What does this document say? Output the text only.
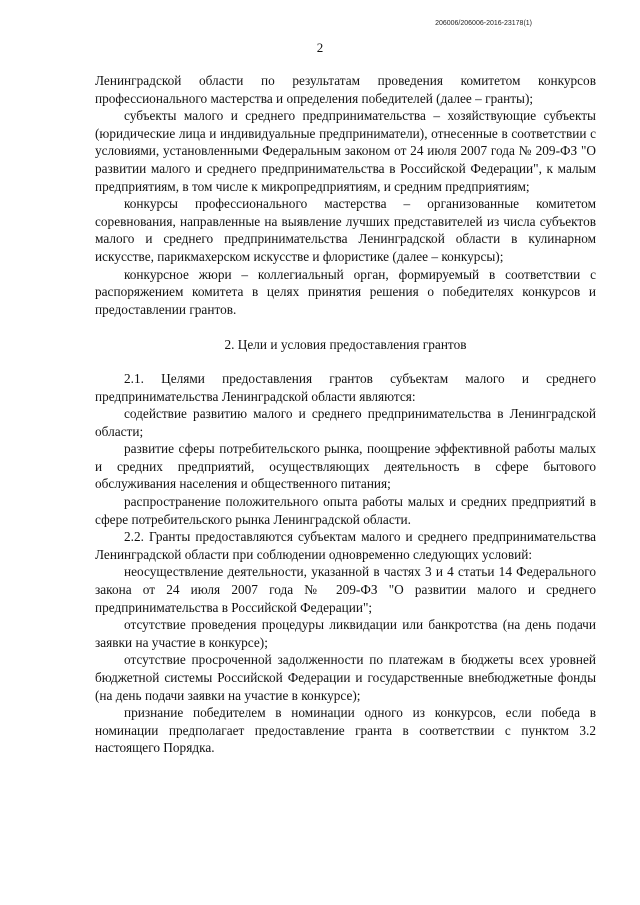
206006/206006-2016-23178(1)
2

Ленинградской области по результатам проведения комитетом конкурсов профессионального мастерства и определения победителей (далее – гранты);

субъекты малого и среднего предпринимательства – хозяйствующие субъекты (юридические лица и индивидуальные предприниматели), отнесенные в соответствии с условиями, установленными Федеральным законом от 24 июля 2007 года № 209-ФЗ "О развитии малого и среднего предпринимательства в Российской Федерации", к малым предприятиям, в том числе к микропредприятиям, и средним предприятиям;

конкурсы профессионального мастерства – организованные комитетом соревнования, направленные на выявление лучших представителей из числа субъектов малого и среднего предпринимательства Ленинградской области в кулинарном искусстве, парикмахерском искусстве и флористике (далее – конкурсы);

конкурсное жюри – коллегиальный орган, формируемый в соответствии с распоряжением комитета в целях принятия решения о победителях конкурсов и предоставлении грантов.

2. Цели и условия предоставления грантов

2.1. Целями предоставления грантов субъектам малого и среднего предпринимательства Ленинградской области являются:

содействие развитию малого и среднего предпринимательства в Ленинградской области;

развитие сферы потребительского рынка, поощрение эффективной работы малых и средних предприятий, осуществляющих деятельность в сфере бытового обслуживания населения и общественного питания;

распространение положительного опыта работы малых и средних предприятий в сфере потребительского рынка Ленинградской области.

2.2. Гранты предоставляются субъектам малого и среднего предпринимательства Ленинградской области при соблюдении одновременно следующих условий:

неосуществление деятельности, указанной в частях 3 и 4 статьи 14 Федерального закона от 24 июля 2007 года № 209-ФЗ "О развитии малого и среднего предпринимательства в Российской Федерации";

отсутствие проведения процедуры ликвидации или банкротства (на день подачи заявки на участие в конкурсе);

отсутствие просроченной задолженности по платежам в бюджеты всех уровней бюджетной системы Российской Федерации и государственные внебюджетные фонды (на день подачи заявки на участие в конкурсе);

признание победителем в номинации одного из конкурсов, если победа в номинации предполагает предоставление гранта в соответствии с пунктом 3.2 настоящего Порядка.
